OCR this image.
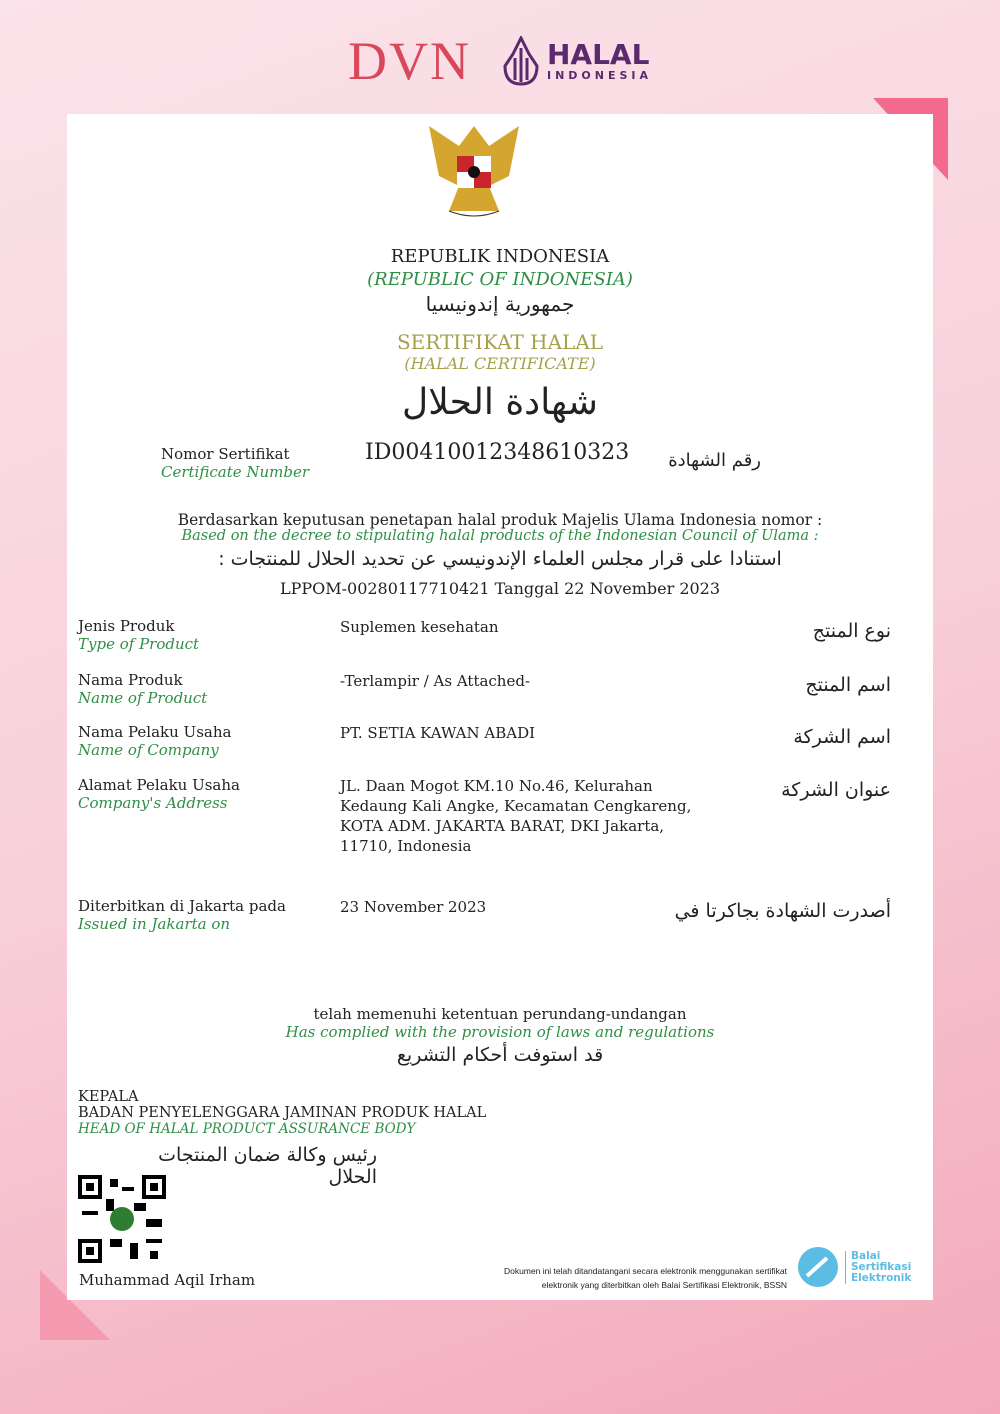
DVN	HALAL
INDONESIA
REPUBLIK INDONESIA
(REPUBLIC OF INDONESIA)
جمهورية إندونيسيا
SERTIFIKAT HALAL
(HALAL CERTIFICATE)
شهادة الحلال
Nomor Sertifikat
Certificate Number
ID00410012348610323	رقم الشهادة
Berdasarkan keputusan penetapan halal produk Majelis Ulama Indonesia nomor :
Based on the decree to stipulating halal products of the Indonesian Council of Ulama :
استنادا على قرار مجلس العلماء الإندونيسي عن تحديد الحلال للمنتجات :
LPPOM-00280117710421 Tanggal 22 November 2023
Jenis Produk
Type of Product
Suplemen kesehatan	نوع المنتج
Nama Produk
Name of Product
-Terlampir / As Attached-	اسم المنتج
Nama Pelaku Usaha
Name of Company
PT. SETIA KAWAN ABADI	اسم الشركة
Alamat Pelaku Usaha
Company's Address
JL. Daan Mogot KM.10 No.46, Kelurahan Kedaung Kali Angke, Kecamatan Cengkareng, KOTA ADM. JAKARTA BARAT, DKI Jakarta, 11710, Indonesia
عنوان الشركة
Diterbitkan di Jakarta pada
Issued in Jakarta on
23 November 2023	أصدرت الشهادة بجاكرتا في
telah memenuhi ketentuan perundang-undangan
Has complied with the provision of laws and regulations
قد استوفت أحكام التشريع
KEPALA
BADAN PENYELENGGARA JAMINAN PRODUK HALAL
HEAD OF HALAL PRODUCT ASSURANCE BODY
رئيس وكالة ضمان المنتجات الحلال
Muhammad Aqil Irham	Dokumen ini telah ditandatangani secara elektronik menggunakan sertifikat
elektronik yang diterbitkan oleh Balai Sertifikasi Elektronik, BSSN
Balai
Sertifikasi
Elektronik
